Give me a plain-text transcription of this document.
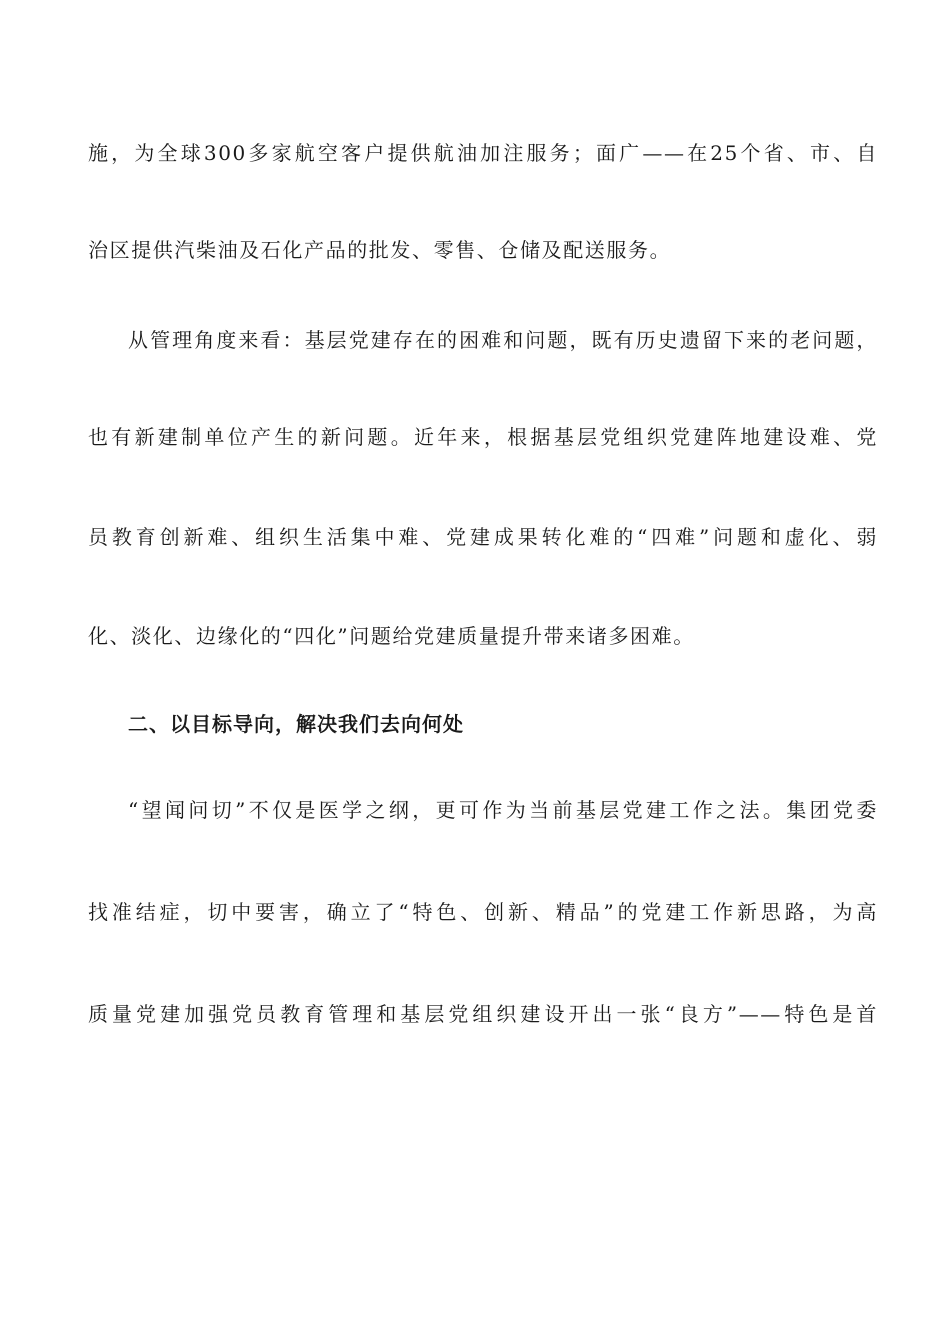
施，为全球300多家航空客户提供航油加注服务；面广——在25个省、市、自
治区提供汽柴油及石化产品的批发、零售、仓储及配送服务。
从管理角度来看：基层党建存在的困难和问题，既有历史遗留下来的老问题，
也有新建制单位产生的新问题。近年来，根据基层党组织党建阵地建设难、党
员教育创新难、组织生活集中难、党建成果转化难的“四难”问题和虚化、弱
化、淡化、边缘化的“四化”问题给党建质量提升带来诸多困难。
二、以目标导向，解决我们去向何处
“望闻问切”不仅是医学之纲，更可作为当前基层党建工作之法。集团党委
找准结症，切中要害，确立了“特色、创新、精品”的党建工作新思路，为高
质量党建加强党员教育管理和基层党组织建设开出一张“良方”——特色是首
